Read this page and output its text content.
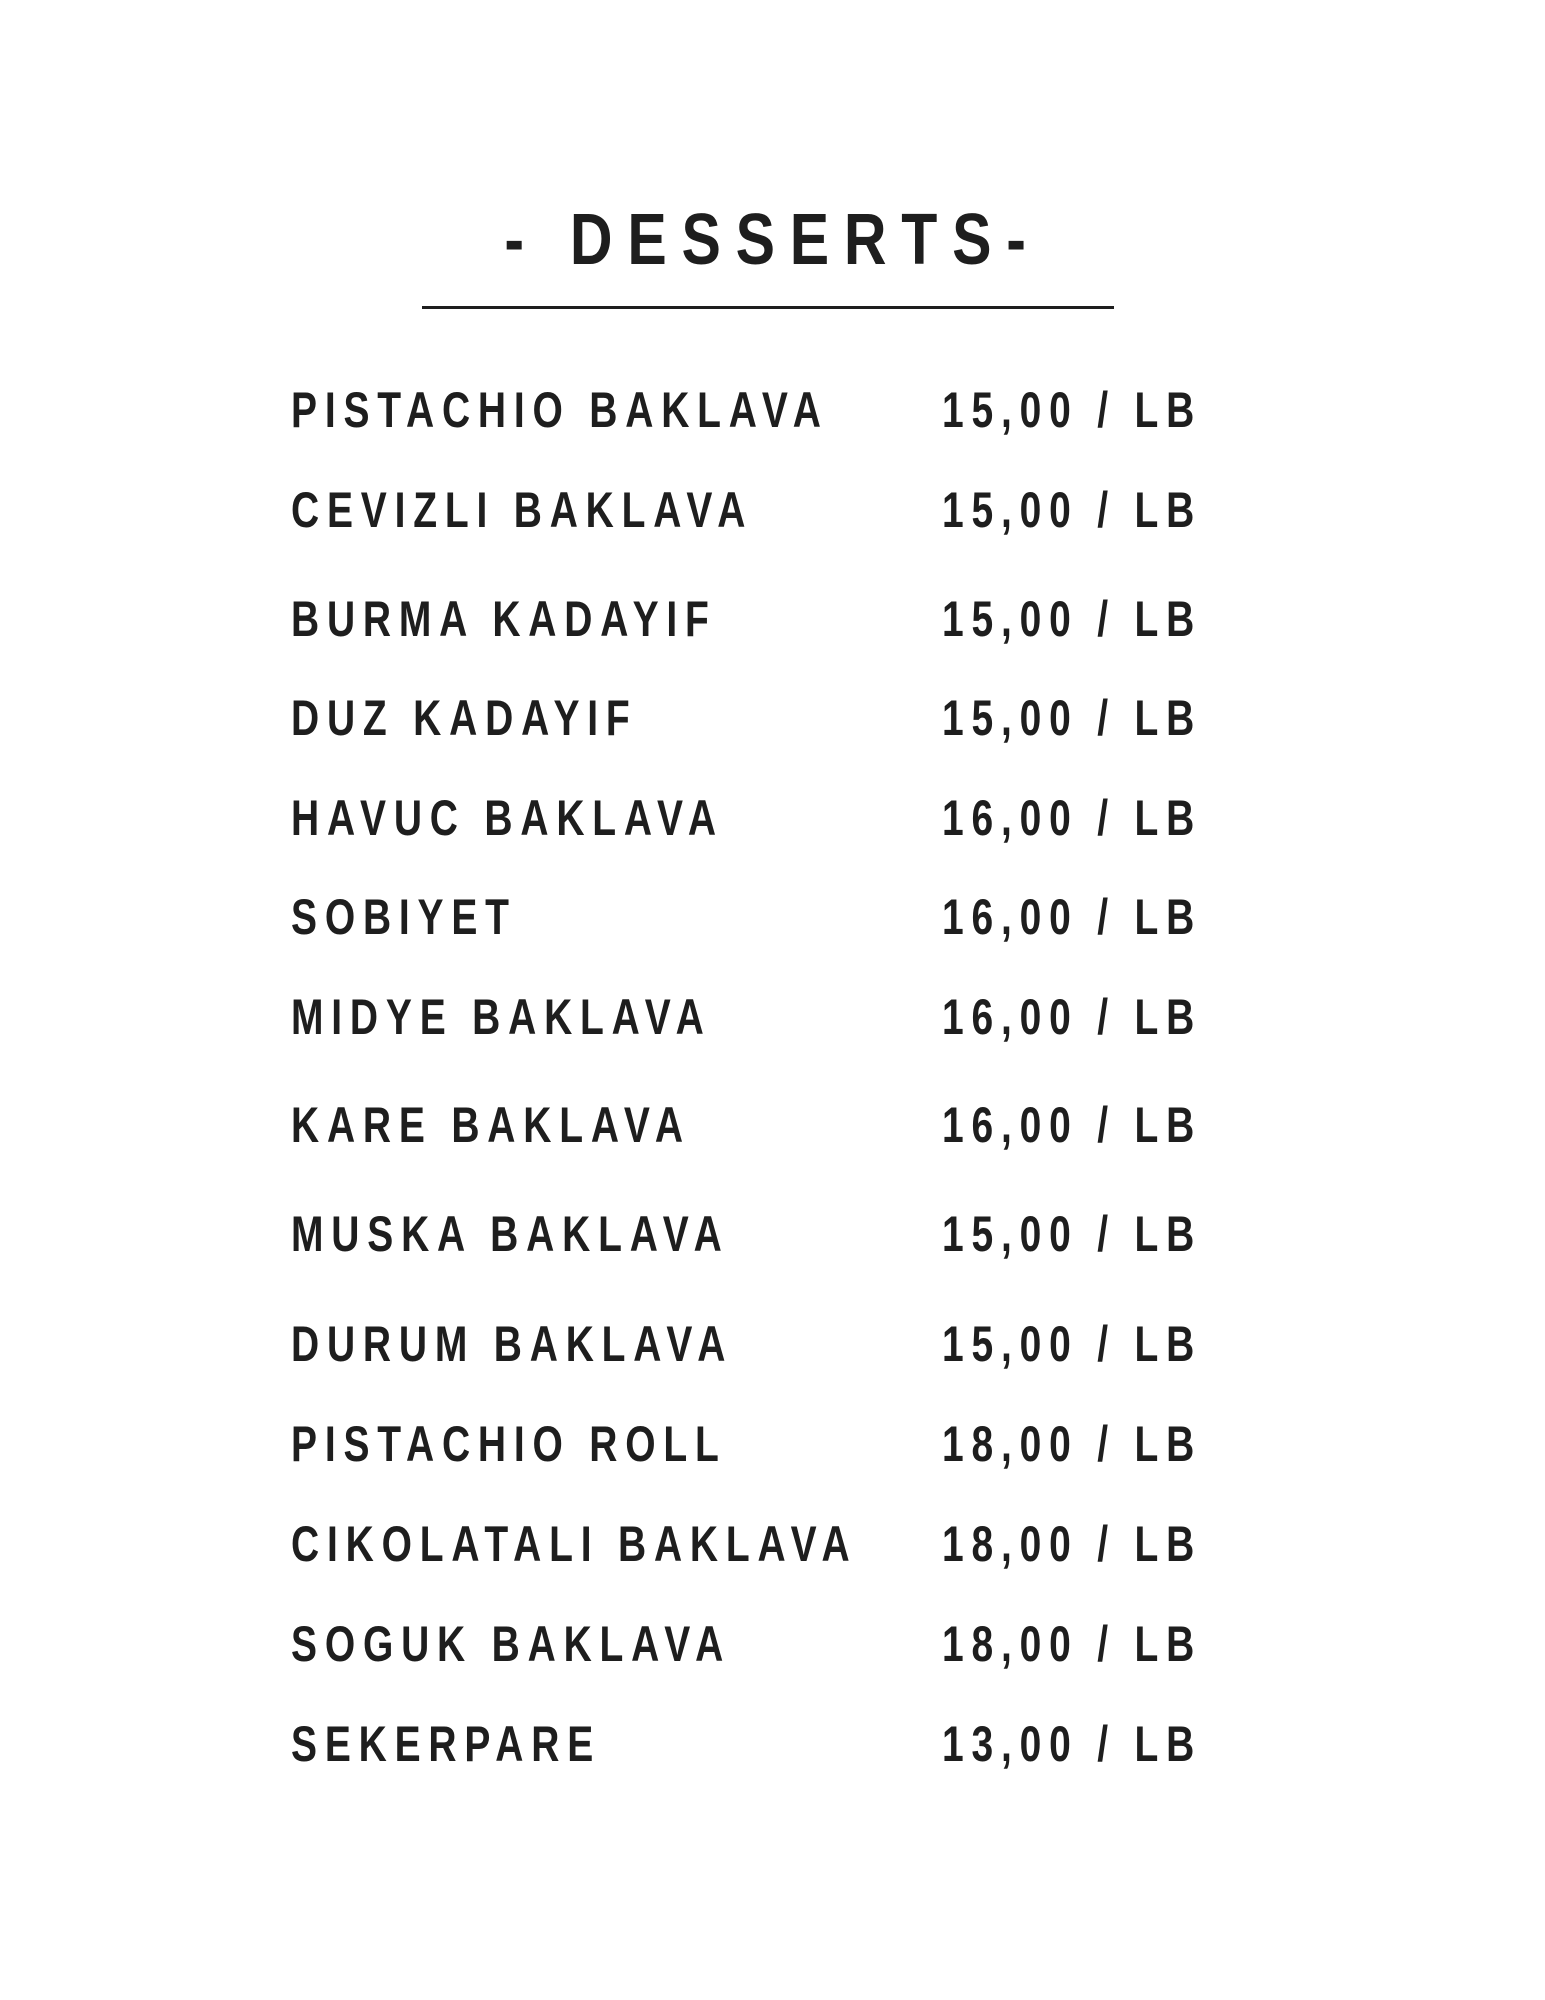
- DESSERTS-
PISTACHIO BAKLAVA 15,00 / LB
CEVIZLI BAKLAVA	15,00 / LB
BURMA KADAYIF	15,00 / LB
DUZ KADAYIF	15,00 / LB
HAVUC BAKLAVA	16,00 / LB
SOBIYET	16,00 / LB
MIDYE BAKLAVA	16,00 / LB
KARE BAKLAVA	16,00 / LB
MUSKA BAKLAVA	15,00 / LB
DURUM BAKLAVA	15,00 / LB
PISTACHIO ROLL	18,00 / LB
CIKOLATALI BAKLAVA 18,00 / LB
SOGUK BAKLAVA	18,00 / LB
SEKERPARE	13,00 / LB
